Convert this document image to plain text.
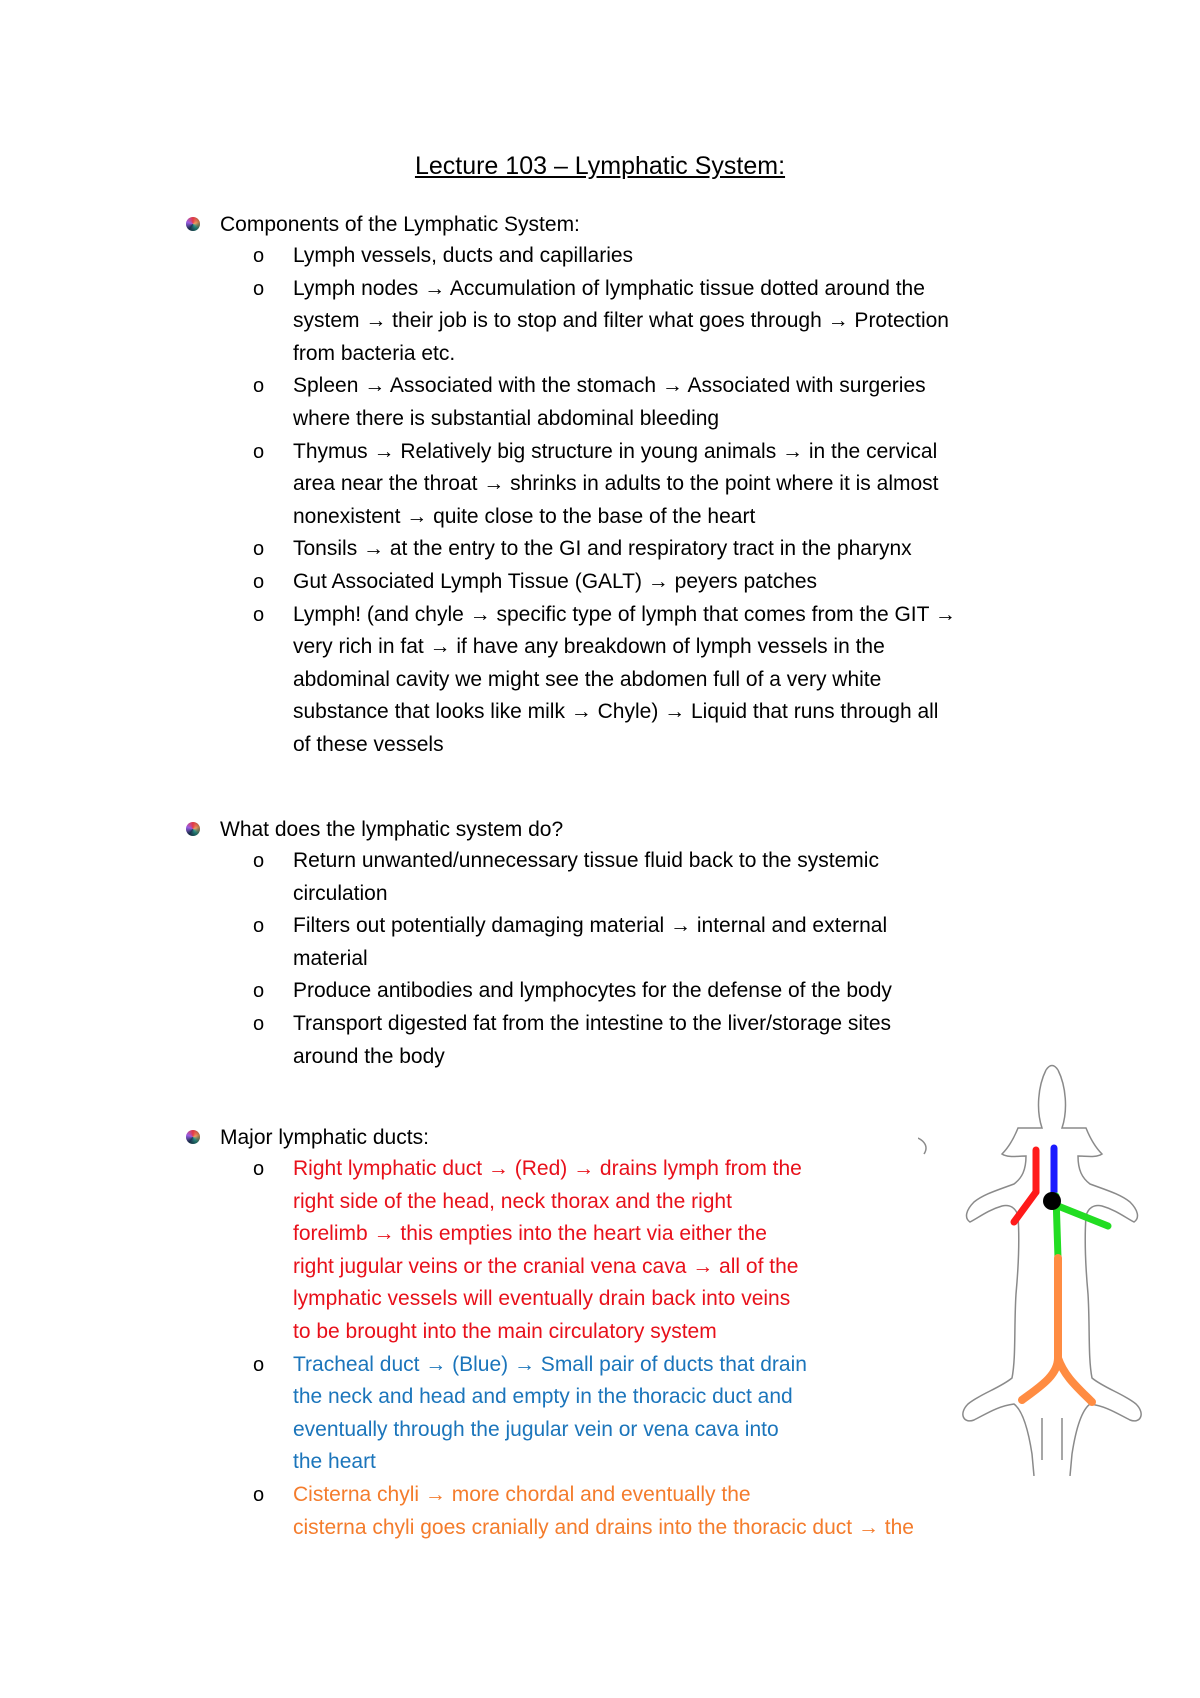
Lecture 103 – Lymphatic System:
Components of the Lymphatic System:
o Lymph vessels, ducts and capillaries
o Lymph nodes → Accumulation of lymphatic tissue dotted around the
system → their job is to stop and filter what goes through → Protection
from bacteria etc.
o Spleen → Associated with the stomach → Associated with surgeries
where there is substantial abdominal bleeding
o Thymus → Relatively big structure in young animals → in the cervical
area near the throat → shrinks in adults to the point where it is almost
nonexistent → quite close to the base of the heart
o Tonsils → at the entry to the GI and respiratory tract in the pharynx
o Gut Associated Lymph Tissue (GALT) → peyers patches
o Lymph! (and chyle → specific type of lymph that comes from the GIT →
very rich in fat → if have any breakdown of lymph vessels in the
abdominal cavity we might see the abdomen full of a very white
substance that looks like milk → Chyle) → Liquid that runs through all
of these vessels
What does the lymphatic system do?
o Return unwanted/unnecessary tissue fluid back to the systemic
circulation
o Filters out potentially damaging material → internal and external
material
o Produce antibodies and lymphocytes for the defense of the body
o Transport digested fat from the intestine to the liver/storage sites
around the body
Major lymphatic ducts:
o Right lymphatic duct → (Red) → drains lymph from the
right side of the head, neck thorax and the right
forelimb → this empties into the heart via either the
right jugular veins or the cranial vena cava → all of the
lymphatic vessels will eventually drain back into veins
to be brought into the main circulatory system
o Tracheal duct → (Blue) → Small pair of ducts that drain
the neck and head and empty in the thoracic duct and
eventually through the jugular vein or vena cava into
the heart
o Cisterna chyli → more chordal and eventually the
cisterna chyli goes cranially and drains into the thoracic duct → the
